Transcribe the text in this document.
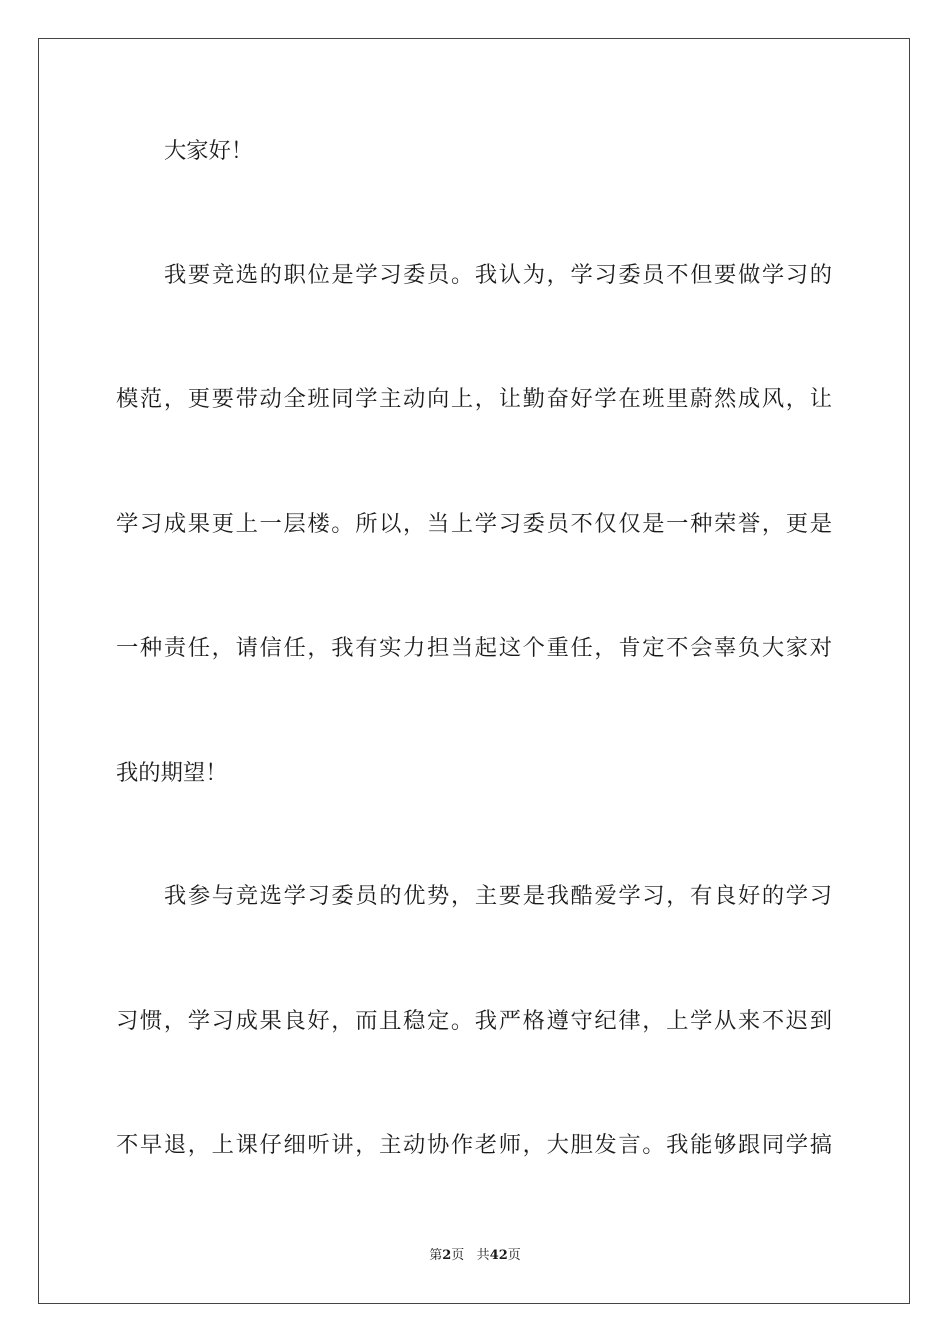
大家好！
我要竞选的职位是学习委员。我认为，学习委员不但要做学习的
模范，更要带动全班同学主动向上，让勤奋好学在班里蔚然成风，让
学习成果更上一层楼。所以，当上学习委员不仅仅是一种荣誉，更是
一种责任，请信任，我有实力担当起这个重任，肯定不会辜负大家对
我的期望！
我参与竞选学习委员的优势，主要是我酷爱学习，有良好的学习
习惯，学习成果良好，而且稳定。我严格遵守纪律，上学从来不迟到
不早退，上课仔细听讲，主动协作老师，大胆发言。我能够跟同学搞
第2页 共42页
